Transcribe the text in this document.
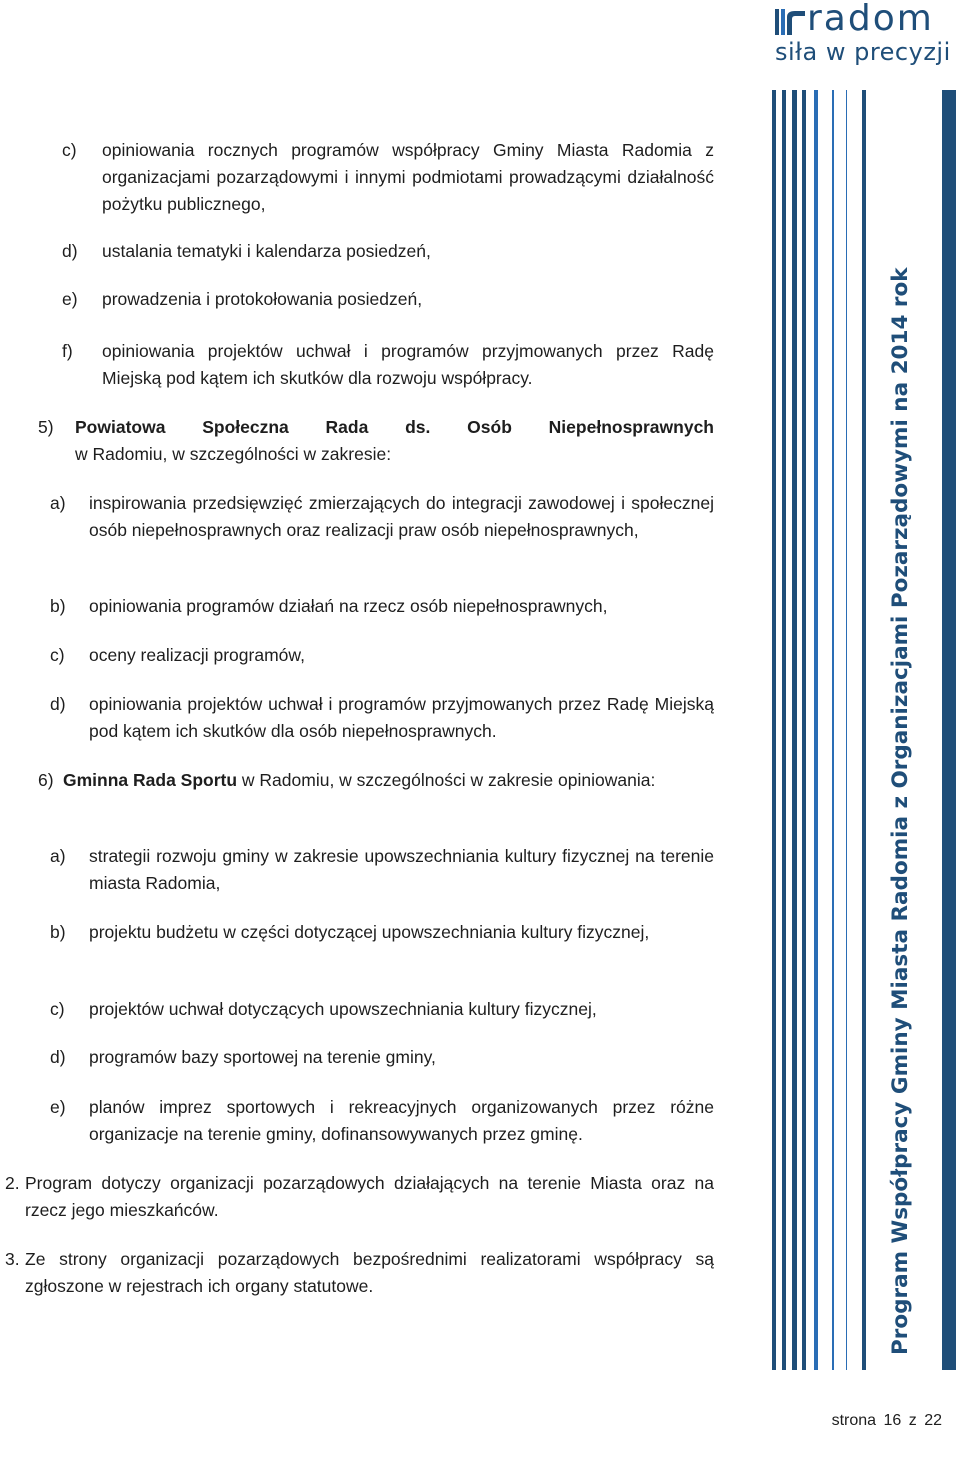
radom
siła w precyzji
Program Współpracy Gminy Miasta Radomia z Organizacjami Pozarządowymi na 2014 rok
c)	opiniowania rocznych programów współpracy Gminy Miasta Radomia z organizacjami pozarządowymi i innymi podmiotami prowadzącymi działalność pożytku publicznego,
d)	ustalania tematyki i kalendarza posiedzeń,
e)	prowadzenia i protokołowania posiedzeń,
f)	opiniowania projektów uchwał i programów przyjmowanych przez Radę Miejską pod kątem ich skutków dla rozwoju współpracy.
5)	Powiatowa Społeczna Rada ds. Osób Niepełnosprawnych
w Radomiu, w szczególności w zakresie:
a)	inspirowania przedsięwzięć zmierzających do integracji zawodowej i społecznej osób niepełnosprawnych oraz realizacji praw osób niepełnosprawnych,
b)	opiniowania programów działań na rzecz osób niepełnosprawnych,
c)	oceny realizacji programów,
d)	opiniowania projektów uchwał i programów przyjmowanych przez Radę Miejską pod kątem ich skutków dla osób niepełnosprawnych.
6) Gminna Rada Sportu w Radomiu, w szczególności w zakresie opiniowania:
a)	strategii rozwoju gminy w zakresie upowszechniania kultury fizycznej na terenie miasta Radomia,
b)	projektu budżetu w części dotyczącej upowszechniania kultury fizycznej,
c)	projektów uchwał dotyczących upowszechniania kultury fizycznej,
d)	programów bazy sportowej na terenie gminy,
e)	planów imprez sportowych i rekreacyjnych organizowanych przez różne organizacje na terenie gminy, dofinansowywanych przez gminę.
2. Program dotyczy organizacji pozarządowych działających na terenie Miasta oraz na rzecz jego mieszkańców.
3. Ze strony organizacji pozarządowych bezpośrednimi realizatorami współpracy są zgłoszone w rejestrach ich organy statutowe.
strona 16 z 22
